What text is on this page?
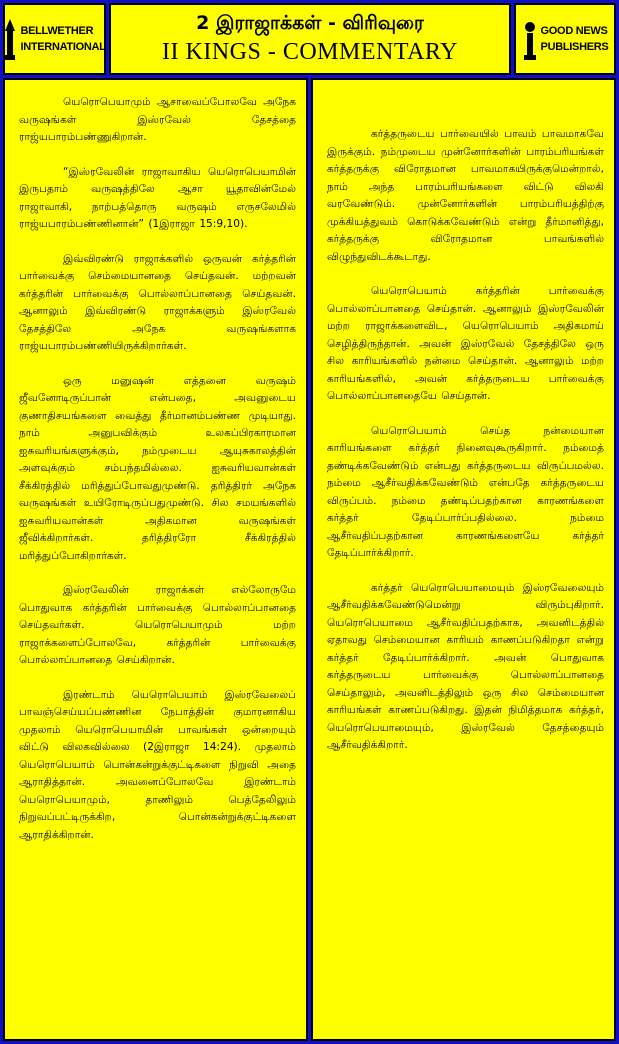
BELLWETHER
INTERNATIONAL
2 இராஜாக்கள் - விரிவுரை
II KINGS - COMMENTARY
GOOD NEWS
PUBLISHERS

யெரொபெயாமும் ஆசாவைப்போலவே அநேக வருஷங்கள் இஸ்ரவேல் தேசத்தை ராஜ்யபாரம்பண்ணுகிறான்.

“இஸ்ரவேலின் ராஜாவாகிய யெரொபெயாமின் இருபதாம் வருஷத்திலே ஆசா யூதாவின்மேல் ராஜாவாகி, நாற்பத்தொரு வருஷம் எருசலேமில் ராஜ்யபாரம்பண்ணினான்” (1இராஜா 15:9,10).

இவ்விரண்டு ராஜாக்களில் ஒருவன் கர்த்தரின் பார்வைக்கு செம்மையானதை செய்தவன். மற்றவன் கர்த்தரின் பார்வைக்கு பொல்லாப்பானதை செய்தவன். ஆனாலும் இவ்விரண்டு ராஜாக்களும் இஸ்ரவேல் தேசத்திலே அநேக வருஷங்களாக ராஜ்யபாரம்பண்ணியிருக்கிறார்கள்.

ஒரு மனுஷன் எத்தனை வருஷம் ஜீவனோடிருப்பான் என்பதை, அவனுடைய குணாதிசயங்களை வைத்து தீர்மானம்பண்ண முடியாது. நாம் அனுபவிக்கும் உலகப்பிரகாரமான ஐசுவரியங்களுக்கும், நம்முடைய ஆயுசுகாலத்தின் அளவுக்கும் சம்பந்தமில்லை. ஐசுவரியவான்கள் சீக்கிரத்தில் மரித்துப்போவதுமுண்டு. தரித்திரர் அநேக வருஷங்கள் உயிரோடிருப்பதுமுண்டு. சில சமயங்களில் ஐசுவரியவான்கள் அதிகமான வருஷங்கள் ஜீவிக்கிறார்கள். தரித்திரரோ சீக்கிரத்தில் மரித்துப்போகிறார்கள்.

இஸ்ரவேலின் ராஜாக்கள் எல்லோருமே பொதுவாக கர்த்தரின் பார்வைக்கு பொல்லாப்பானதை செய்தவர்கள். யெரொபெயாமும் மற்ற ராஜாக்களைப்போலவே, கர்த்தரின் பார்வைக்கு பொல்லாப்பானதை செய்கிறான்.

இரண்டாம் யெரொபெயாம் இஸ்ரவேலைப் பாவஞ்செய்யப்பண்ணின நேபாத்தின் குமாரனாகிய முதலாம் யெரொபெயாமின் பாவங்கள் ஒன்றையும் விட்டு விலகவில்லை (2இராஜா 14:24). முதலாம் யெரொபெயாம் பொன்கன்றுக்குட்டிகளை நிறுவி அதை ஆராதித்தான். அவனைப்போலவே இரண்டாம் யெரொபெயாமும், தாணிலும் பெத்தேலிலும் நிறுவப்பட்டிருக்கிற, பொன்கன்றுக்குட்டிகளை ஆராதிக்கிறான்.

கர்த்தருடைய பார்வையில் பாவம் பாவமாகவே இருக்கும். நம்முடைய முன்னோர்களின் பாரம்பரியங்கள் கர்த்தருக்கு விரோதமான பாவமாகயிருக்குமென்றால், நாம் அந்த பாரம்பரியங்களை விட்டு விலகி வரவேண்டும். முன்னோர்களின் பாரம்பரியத்திற்கு முக்கியத்துவம் கொடுக்கவேண்டும் என்று தீர்மானித்து, கர்த்தருக்கு விரோதமான பாவங்களில் விழுந்துவிடக்கூடாது.

யெரொபெயாம் கர்த்தரின் பார்வைக்கு பொல்லாப்பானதை செய்தான். ஆனாலும் இஸ்ரவேலின் மற்ற ராஜாக்களைவிட, யெரொபெயாம் அதிகமாய் செழித்திருந்தான். அவன் இஸ்ரவேல் தேசத்திலே ஒரு சில காரியங்களில் நன்மை செய்தான். ஆனாலும் மற்ற காரியங்களில், அவன் கர்த்தருடைய பார்வைக்கு பொல்லாப்பானதையே செய்தான்.

யெரொபெயாம் செய்த நன்மையான காரியங்களை கர்த்தர் நினைவுகூருகிறார். நம்மைத் தண்டிக்கவேண்டும் என்பது கர்த்தருடைய விருப்பமல்ல. நம்மை ஆசீர்வதிக்கவேண்டும் என்பதே கர்த்தருடைய விருப்பம். நம்மை தண்டிப்பதற்கான காரணங்களை கர்த்தர் தேடிப்பார்ப்பதில்லை. நம்மை ஆசீர்வதிப்பதற்கான காரணங்களையே கர்த்தர் தேடிப்பார்க்கிறார்.

கர்த்தர் யெரொபெயாமையும் இஸ்ரவேலையும் ஆசீர்வதிக்கவேண்டுமென்று விரும்புகிறார். யெரொபெயாமை ஆசீர்வதிப்பதற்காக, அவனிடத்தில் ஏதாவது செம்மையான காரியம் காணப்படுகிறதா என்று கர்த்தர் தேடிப்பார்க்கிறார். அவன் பொதுவாக கர்த்தருடைய பார்வைக்கு பொல்லாப்பானதை செய்தாலும், அவனிடத்திலும் ஒரு சில செம்மையான காரியங்கள் காணப்படுகிறது. இதன் நிமித்தமாக கர்த்தர், யெரொபெயாமையும், இஸ்ரவேல் தேசத்தையும் ஆசீர்வதிக்கிறார்.
